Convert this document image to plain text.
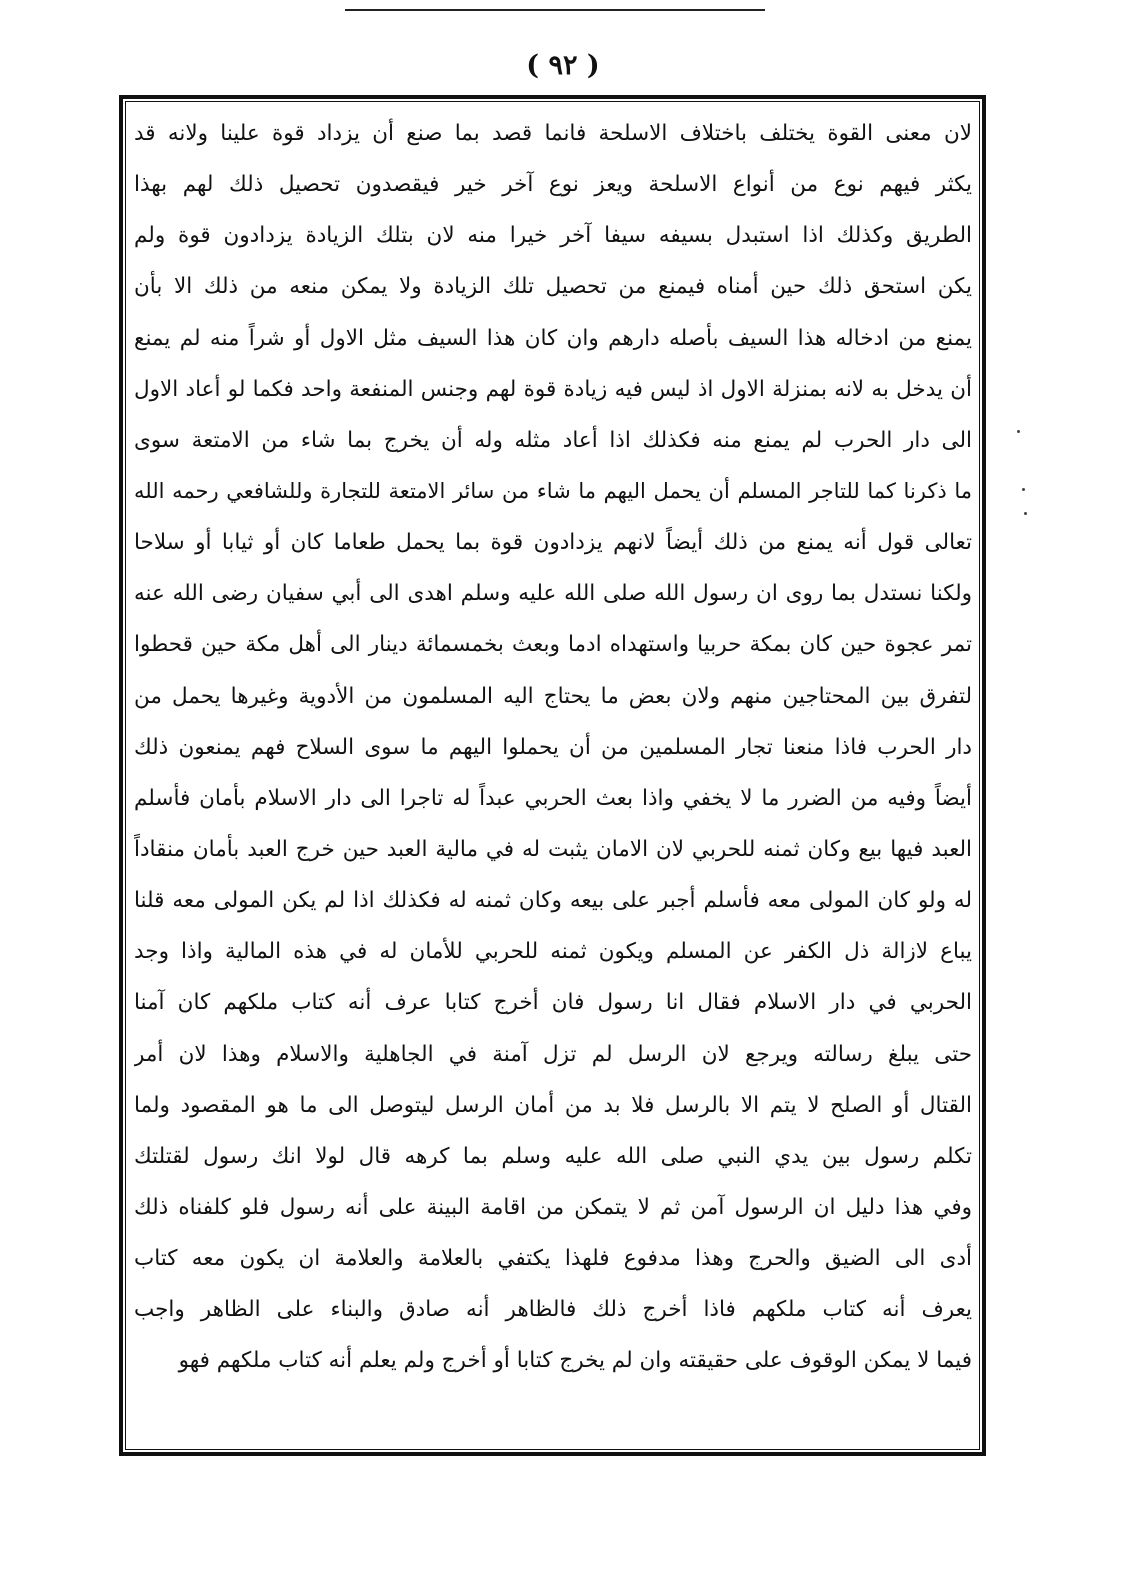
( ٩٢ )
لان معنى القوة يختلف باختلاف الاسلحة فانما قصد بما صنع أن يزداد قوة علينا ولانه قد
يكثر فيهم نوع من أنواع الاسلحة ويعز نوع آخر خير فيقصدون تحصيل ذلك لهم بهذا
الطريق وكذلك اذا استبدل بسيفه سيفا آخر خيرا منه لان بتلك الزيادة يزدادون قوة ولم
يكن استحق ذلك حين أمناه فيمنع من تحصيل تلك الزيادة ولا يمكن منعه من ذلك الا بأن
يمنع من ادخاله هذا السيف بأصله دارهم وان كان هذا السيف مثل الاول أو شراً منه لم يمنع
أن يدخل به لانه بمنزلة الاول اذ ليس فيه زيادة قوة لهم وجنس المنفعة واحد فكما لو أعاد الاول
الى دار الحرب لم يمنع منه فكذلك اذا أعاد مثله وله أن يخرج بما شاء من الامتعة سوى
ما ذكرنا كما للتاجر المسلم أن يحمل اليهم ما شاء من سائر الامتعة للتجارة وللشافعي رحمه الله
تعالى قول أنه يمنع من ذلك أيضاً لانهم يزدادون قوة بما يحمل طعاما كان أو ثيابا أو سلاحا
ولكنا نستدل بما روى ان رسول الله صلى الله عليه وسلم اهدى الى أبي سفيان رضى الله عنه
تمر عجوة حين كان بمكة حربيا واستهداه ادما وبعث بخمسمائة دينار الى أهل مكة حين قحطوا
لتفرق بين المحتاجين منهم ولان بعض ما يحتاج اليه المسلمون من الأدوية وغيرها يحمل من
دار الحرب فاذا منعنا تجار المسلمين من أن يحملوا اليهم ما سوى السلاح فهم يمنعون ذلك
أيضاً وفيه من الضرر ما لا يخفي واذا بعث الحربي عبداً له تاجرا الى دار الاسلام بأمان فأسلم
العبد فيها بيع وكان ثمنه للحربي لان الامان يثبت له في مالية العبد حين خرج العبد بأمان منقاداً
له ولو كان المولى معه فأسلم أجبر على بيعه وكان ثمنه له فكذلك اذا لم يكن المولى معه قلنا
يباع لازالة ذل الكفر عن المسلم ويكون ثمنه للحربي للأمان له في هذه المالية واذا وجد
الحربي في دار الاسلام فقال انا رسول فان أخرج كتابا عرف أنه كتاب ملكهم كان آمنا
حتى يبلغ رسالته ويرجع لان الرسل لم تزل آمنة في الجاهلية والاسلام وهذا لان أمر
القتال أو الصلح لا يتم الا بالرسل فلا بد من أمان الرسل ليتوصل الى ما هو المقصود ولما
تكلم رسول بين يدي النبي صلى الله عليه وسلم بما كرهه قال لولا انك رسول لقتلتك
وفي هذا دليل ان الرسول آمن ثم لا يتمكن من اقامة البينة على أنه رسول فلو كلفناه ذلك
أدى الى الضيق والحرج وهذا مدفوع فلهذا يكتفي بالعلامة والعلامة ان يكون معه كتاب
يعرف أنه كتاب ملكهم فاذا أخرج ذلك فالظاهر أنه صادق والبناء على الظاهر واجب
فيما لا يمكن الوقوف على حقيقته وان لم يخرج كتابا أو أخرج ولم يعلم أنه كتاب ملكهم فهو
